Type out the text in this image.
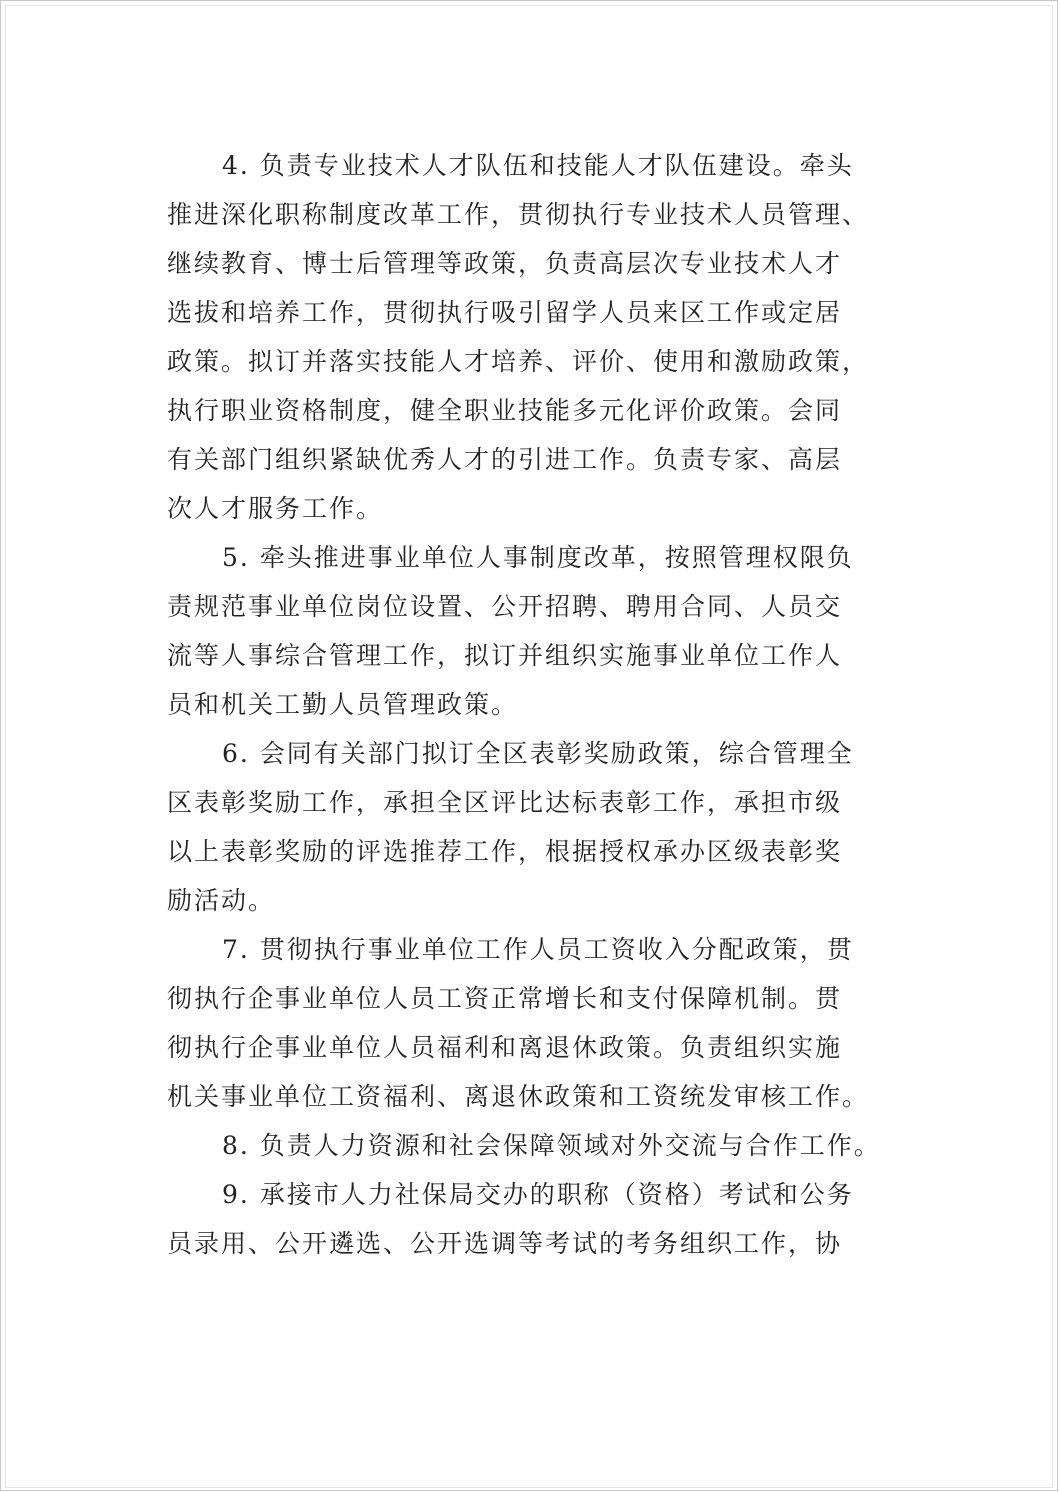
4. 负责专业技术人才队伍和技能人才队伍建设。牵头
推进深化职称制度改革工作，贯彻执行专业技术人员管理、
继续教育、博士后管理等政策，负责高层次专业技术人才
选拔和培养工作，贯彻执行吸引留学人员来区工作或定居
政策。拟订并落实技能人才培养、评价、使用和激励政策，
执行职业资格制度，健全职业技能多元化评价政策。会同
有关部门组织紧缺优秀人才的引进工作。负责专家、高层
次人才服务工作。
5. 牵头推进事业单位人事制度改革，按照管理权限负
责规范事业单位岗位设置、公开招聘、聘用合同、人员交
流等人事综合管理工作，拟订并组织实施事业单位工作人
员和机关工勤人员管理政策。
6. 会同有关部门拟订全区表彰奖励政策，综合管理全
区表彰奖励工作，承担全区评比达标表彰工作，承担市级
以上表彰奖励的评选推荐工作，根据授权承办区级表彰奖
励活动。
7. 贯彻执行事业单位工作人员工资收入分配政策，贯
彻执行企事业单位人员工资正常增长和支付保障机制。贯
彻执行企事业单位人员福利和离退休政策。负责组织实施
机关事业单位工资福利、离退休政策和工资统发审核工作。
8. 负责人力资源和社会保障领域对外交流与合作工作。
9. 承接市人力社保局交办的职称（资格）考试和公务
员录用、公开遴选、公开选调等考试的考务组织工作，协
